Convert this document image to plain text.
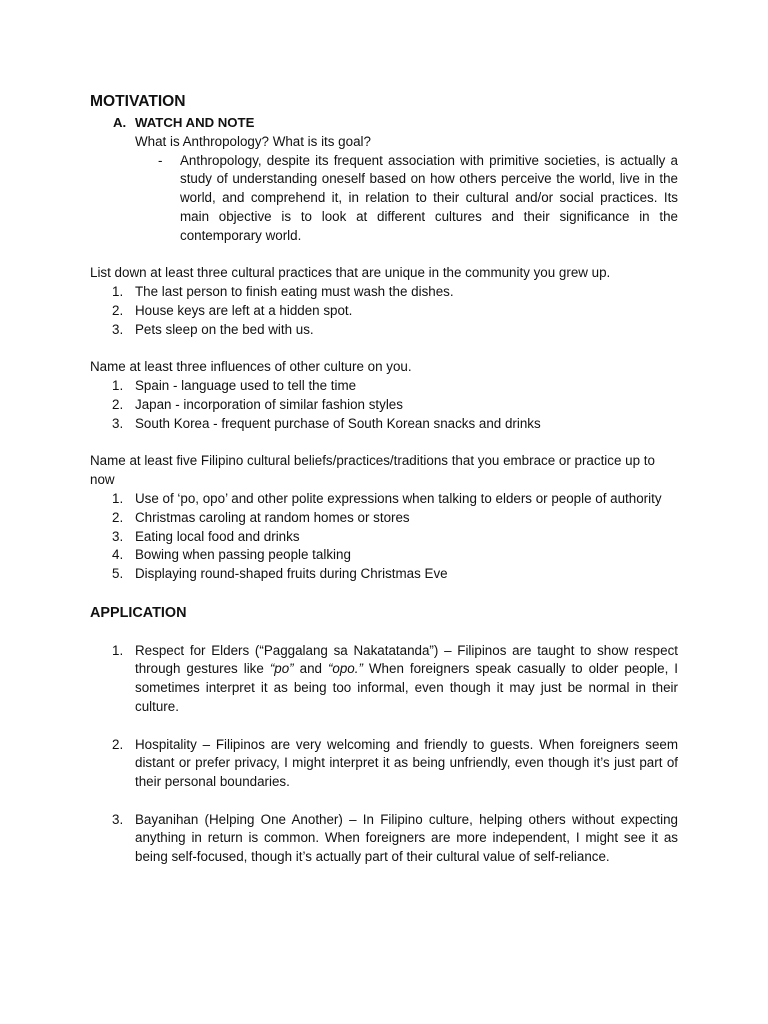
MOTIVATION
A. WATCH AND NOTE
What is Anthropology? What is its goal?
-	Anthropology, despite its frequent association with primitive societies, is actually a study of understanding oneself based on how others perceive the world, live in the world, and comprehend it, in relation to their cultural and/or social practices. Its main objective is to look at different cultures and their significance in the contemporary world.
List down at least three cultural practices that are unique in the community you grew up.
1. The last person to finish eating must wash the dishes.
2. House keys are left at a hidden spot.
3. Pets sleep on the bed with us.
Name at least three influences of other culture on you.
1. Spain - language used to tell the time
2. Japan - incorporation of similar fashion styles
3. South Korea - frequent purchase of South Korean snacks and drinks
Name at least five Filipino cultural beliefs/practices/traditions that you embrace or practice up to now
1. Use of ‘po, opo’ and other polite expressions when talking to elders or people of authority
2. Christmas caroling at random homes or stores
3. Eating local food and drinks
4. Bowing when passing people talking
5. Displaying round-shaped fruits during Christmas Eve
APPLICATION
1. Respect for Elders (“Paggalang sa Nakatatanda”) – Filipinos are taught to show respect through gestures like “po” and “opo.” When foreigners speak casually to older people, I sometimes interpret it as being too informal, even though it may just be normal in their culture.
2. Hospitality – Filipinos are very welcoming and friendly to guests. When foreigners seem distant or prefer privacy, I might interpret it as being unfriendly, even though it’s just part of their personal boundaries.
3. Bayanihan (Helping One Another) – In Filipino culture, helping others without expecting anything in return is common. When foreigners are more independent, I might see it as being self-focused, though it’s actually part of their cultural value of self-reliance.
